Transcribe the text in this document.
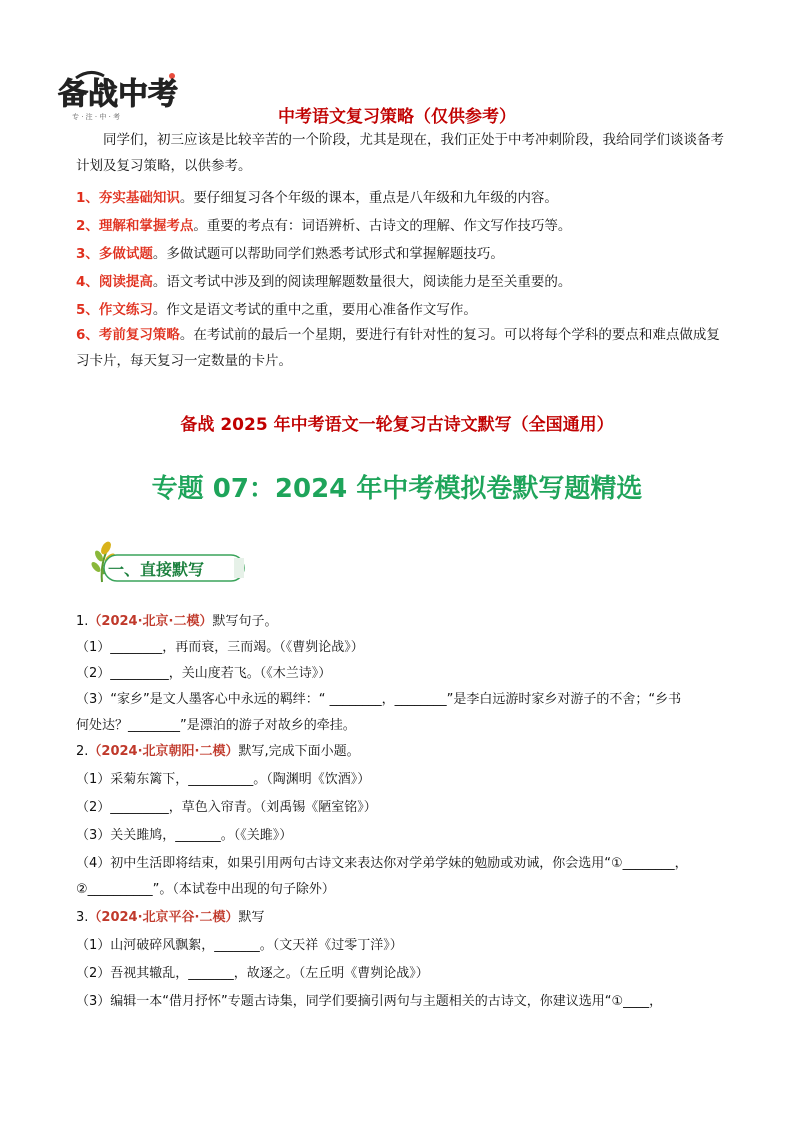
备战中考
专 · 注 · 中 · 考	中考语文复习策略（仅供参考）
同学们，初三应该是比较辛苦的一个阶段，尤其是现在，我们正处于中考冲刺阶段，我给同学们谈谈备考计划及复习策略，以供参考。
1、夯实基础知识。要仔细复习各个年级的课本，重点是八年级和九年级的内容。
2、理解和掌握考点。重要的考点有：词语辨析、古诗文的理解、作文写作技巧等。
3、多做试题。多做试题可以帮助同学们熟悉考试形式和掌握解题技巧。
4、阅读提高。语文考试中涉及到的阅读理解题数量很大，阅读能力是至关重要的。
5、作文练习。作文是语文考试的重中之重，要用心准备作文写作。
6、考前复习策略。在考试前的最后一个星期，要进行有针对性的复习。可以将每个学科的要点和难点做成复习卡片，每天复习一定数量的卡片。
备战 2025 年中考语文一轮复习古诗文默写（全国通用）
专题 07：2024 年中考模拟卷默写题精选
一、直接默写
1.（2024·北京·二模）默写句子。
（1）________，再而衰，三而竭。（《曹刿论战》）
（2）_________，关山度若飞。（《木兰诗》）
（3）“家乡”是文人墨客心中永远的羁绊：“ ________，________”是李白远游时家乡对游子的不舍；“乡书
何处达？________”是漂泊的游子对故乡的牵挂。
2.（2024·北京朝阳·二模）默写,完成下面小题。
（1）采菊东篱下，__________。（陶渊明《饮酒》）
（2）_________，草色入帘青。（刘禹锡《陋室铭》）
（3）关关雎鸠，_______。（《关雎》）
（4）初中生活即将结束，如果引用两句古诗文来表达你对学弟学妹的勉励或劝诫，你会选用“①________，
②__________”。（本试卷中出现的句子除外）
3.（2024·北京平谷·二模）默写
（1）山河破碎风飘絮，_______。（文天祥《过零丁洋》）
（2）吾视其辙乱，_______，故逐之。（左丘明《曹刿论战》）
（3）编辑一本“借月抒怀”专题古诗集，同学们要摘引两句与主题相关的古诗文，你建议选用“①____，
